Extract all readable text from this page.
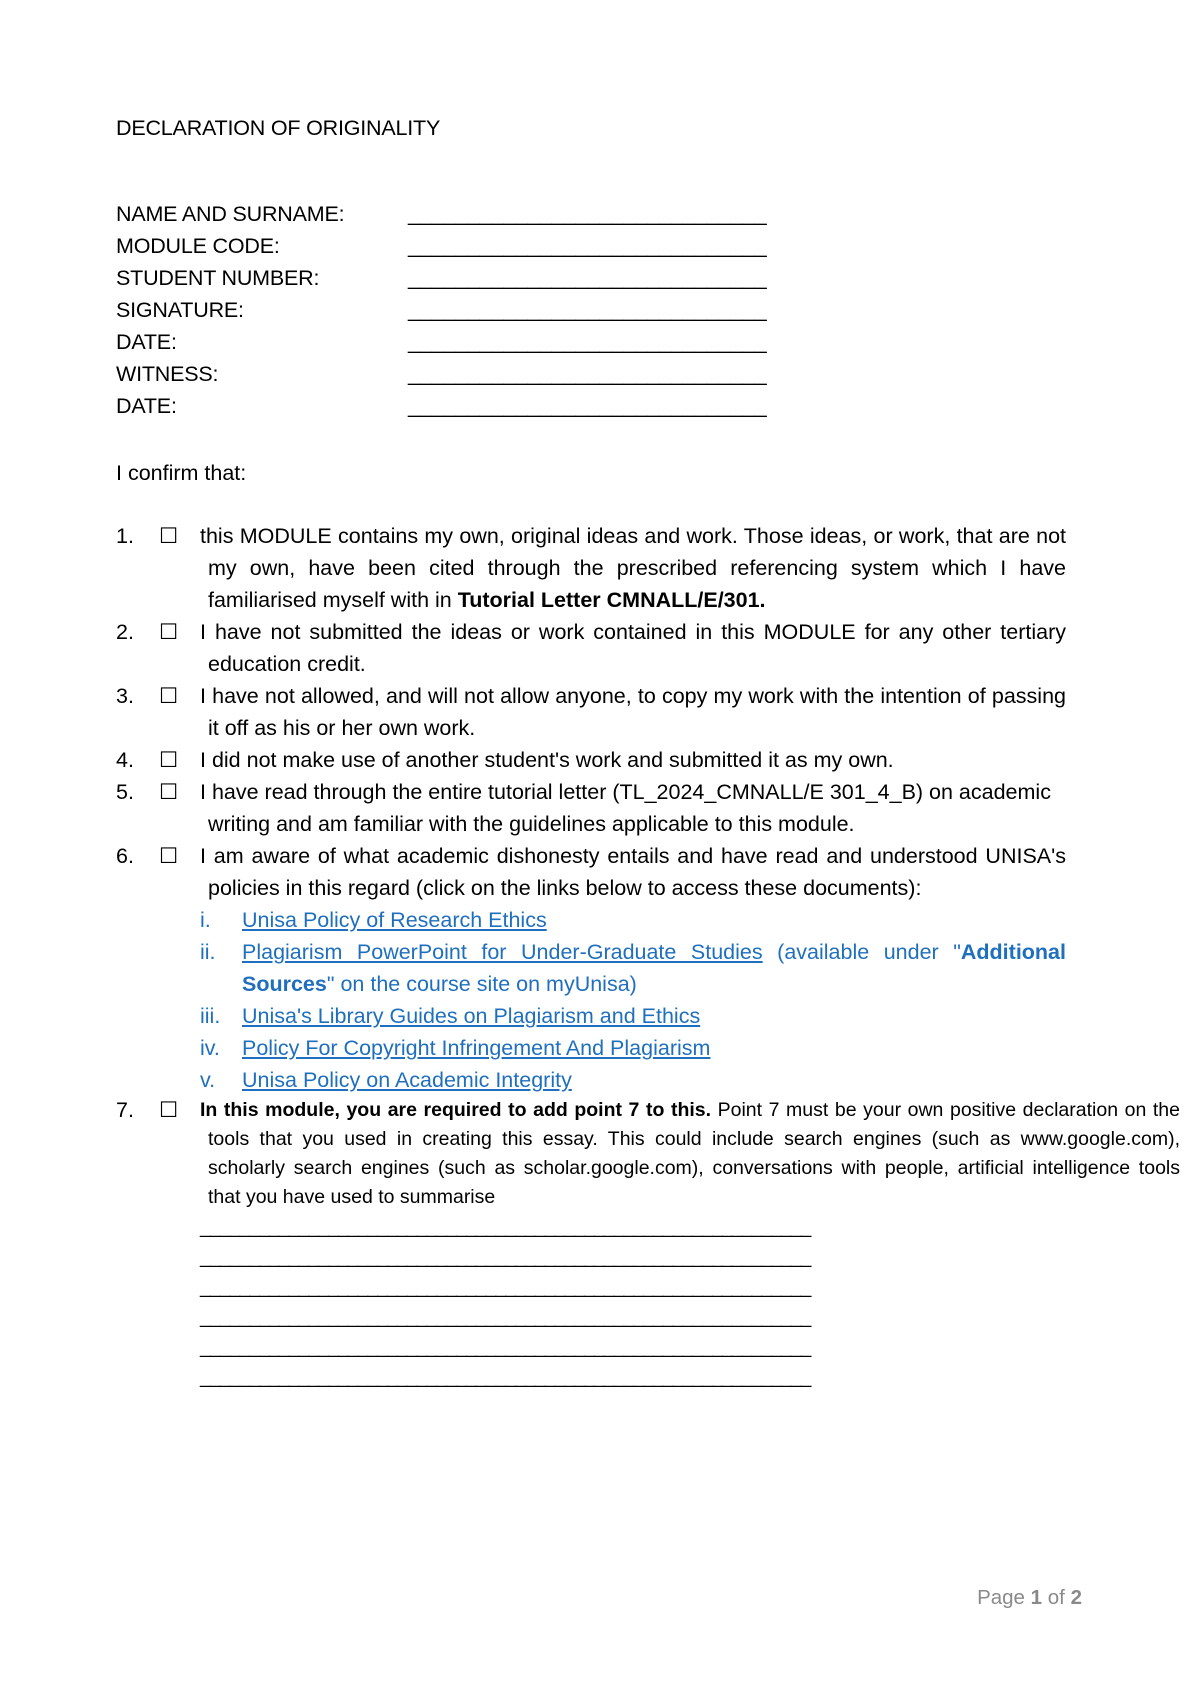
DECLARATION OF ORIGINALITY
NAME AND SURNAME:	______________________________
MODULE CODE:	______________________________
STUDENT NUMBER:	______________________________
SIGNATURE:	______________________________
DATE:	______________________________
WITNESS:	______________________________
DATE:	______________________________
I confirm that:
1. ☐ this MODULE contains my own, original ideas and work. Those ideas, or work, that are not my own, have been cited through the prescribed referencing system which I have familiarised myself with in Tutorial Letter CMNALL/E/301.
2. ☐ I have not submitted the ideas or work contained in this MODULE for any other tertiary education credit.
3. ☐ I have not allowed, and will not allow anyone, to copy my work with the intention of passing it off as his or her own work.
4. ☐ I did not make use of another student's work and submitted it as my own.
5. ☐ I have read through the entire tutorial letter (TL_2024_CMNALL/E 301_4_B) on academic writing and am familiar with the guidelines applicable to this module.
6. ☐ I am aware of what academic dishonesty entails and have read and understood UNISA's policies in this regard (click on the links below to access these documents):
i.	Unisa Policy of Research Ethics
ii.	Plagiarism PowerPoint for Under-Graduate Studies (available under "Additional Sources" on the course site on myUnisa)
iii.	Unisa's Library Guides on Plagiarism and Ethics
iv.	Policy For Copyright Infringement And Plagiarism
v.	Unisa Policy on Academic Integrity
7. ☐ In this module, you are required to add point 7 to this. Point 7 must be your own positive declaration on the tools that you used in creating this essay. This could include search engines (such as www.google.com), scholarly search engines (such as scholar.google.com), conversations with people, artificial intelligence tools that you have used to summarise
______________________________________________________________
______________________________________________________________
______________________________________________________________
______________________________________________________________
______________________________________________________________
______________________________________________________________
Page 1 of 2
